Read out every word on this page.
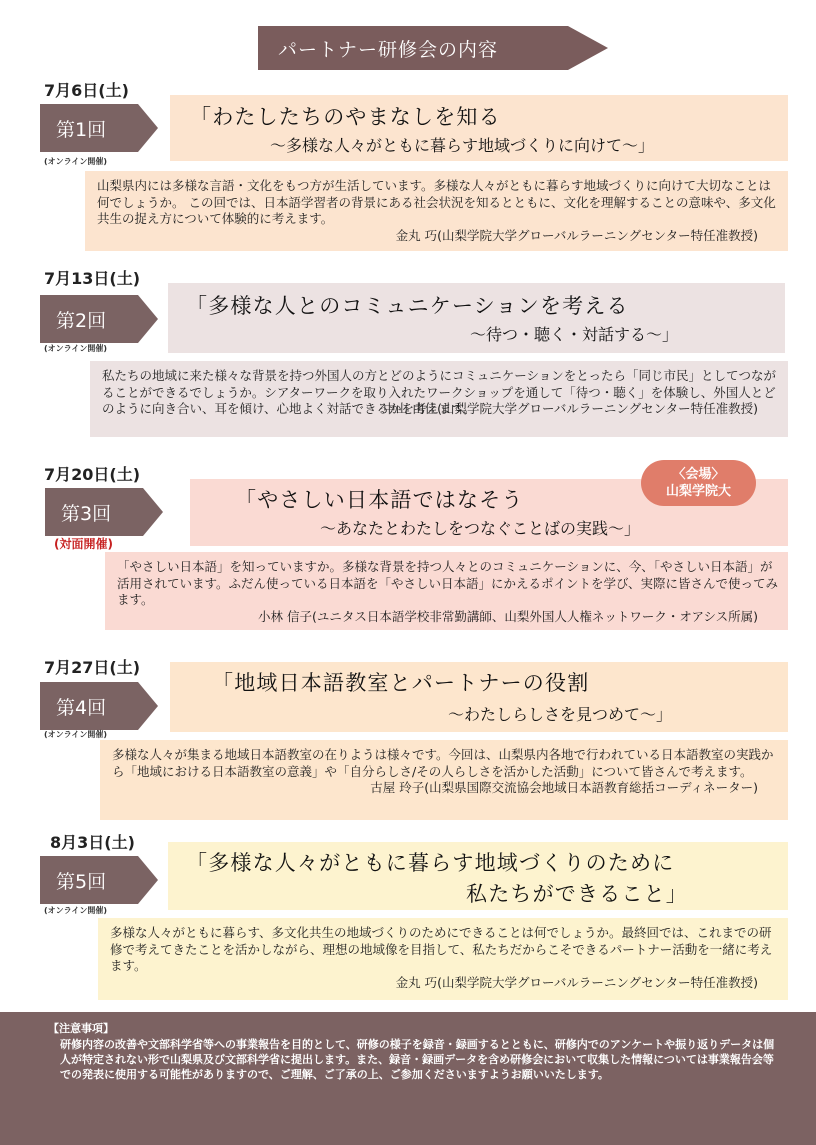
パートナー研修会の内容
7月6日(土)
「わたしたちのやまなしを知る
～多様な人々がともに暮らす地域づくりに向けて～」
第1回
(オンライン開催)

山梨県内には多様な言語・文化をもつ方が生活しています。多様な人々がともに暮らす地域づくりに向けて大切なことは何でしょうか。 この回では、日本語学習者の背景にある社会状況を知るとともに、文化を理解することの意味や、多文化共生の捉え方について体験的に考えます。

金丸 巧(山梨学院大学グローバルラーニングセンター特任准教授)

7月13日(土)
「多様な人とのコミュニケーションを考える
～待つ・聴く・対話する～」
第2回
(オンライン開催)

私たちの地域に来た様々な背景を持つ外国人の方とどのようにコミュニケーションをとったら「同じ市民」としてつながることができるでしょうか。シアターワークを取り入れたワークショップを通して「待つ・聴く」を体験し、外国人とどのように向き合い、耳を傾け、心地よく対話できるかを考えます。

中山 由佳(山梨学院大学グローバルラーニングセンター特任准教授)

7月20日(土)
「やさしい日本語ではなそう
～あなたとわたしをつなぐことばの実践～」
第3回
(対面開催)

「やさしい日本語」を知っていますか。多様な背景を持つ人々とのコミュニケーションに、今、「やさしい日本語」が活用されています。ふだん使っている日本語を「やさしい日本語」にかえるポイントを学び、実際に皆さんで使ってみます。

小林 信子(ユニタス日本語学校非常勤講師、山梨外国人人権ネットワーク・オアシス所属)

〈会場〉
山梨学院大
7月27日(土)
「地域日本語教室とパートナーの役割
～わたしらしさを見つめて～」
第4回
(オンライン開催)

多様な人々が集まる地域日本語教室の在りようは様々です。今回は、山梨県内各地で行われている日本語教室の実践から「地域における日本語教室の意義」や「自分らしさ/その人らしさを活かした活動」について皆さんで考えます。

古屋 玲子(山梨県国際交流協会地域日本語教育総括コーディネーター)

8月3日(土)
「多様な人々がともに暮らす地域づくりのために
私たちができること」
第5回
(オンライン開催)

多様な人々がともに暮らす、多文化共生の地域づくりのためにできることは何でしょうか。最終回では、これまでの研修で考えてきたことを活かしながら、理想の地域像を目指して、私たちだからこそできるパートナー活動を一緒に考えます。

金丸 巧(山梨学院大学グローバルラーニングセンター特任准教授)

【注意事項】
研修内容の改善や文部科学省等への事業報告を目的として、研修の様子を録音・録画するとともに、研修内でのアンケートや振り返りデータは個人が特定されない形で山梨県及び文部科学省に提出します。また、録音・録画データを含め研修会において収集した情報については事業報告会等での発表に使用する可能性がありますので、ご理解、ご了承の上、ご参加くださいますようお願いいたします。
